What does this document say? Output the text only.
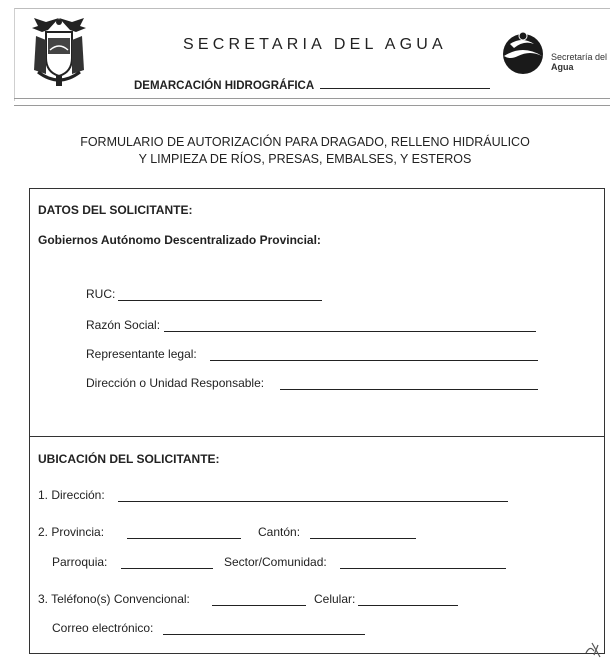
SECRETARIA DEL AGUA
DEMARCACIÓN HIDROGRÁFICA
Secretaría del
Agua
FORMULARIO DE AUTORIZACIÓN PARA DRAGADO, RELLENO HIDRÁULICO
Y LIMPIEZA DE RÍOS, PRESAS, EMBALSES, Y ESTEROS
DATOS DEL SOLICITANTE:
Gobiernos Autónomo Descentralizado Provincial:
RUC:
Razón Social:
Representante legal:
Dirección o Unidad Responsable:
UBICACIÓN DEL SOLICITANTE:
1. Dirección:
2. Provincia:	Cantón:
Parroquia:	Sector/Comunidad:
3. Teléfono(s) Convencional:	Celular:
Correo electrónico:
